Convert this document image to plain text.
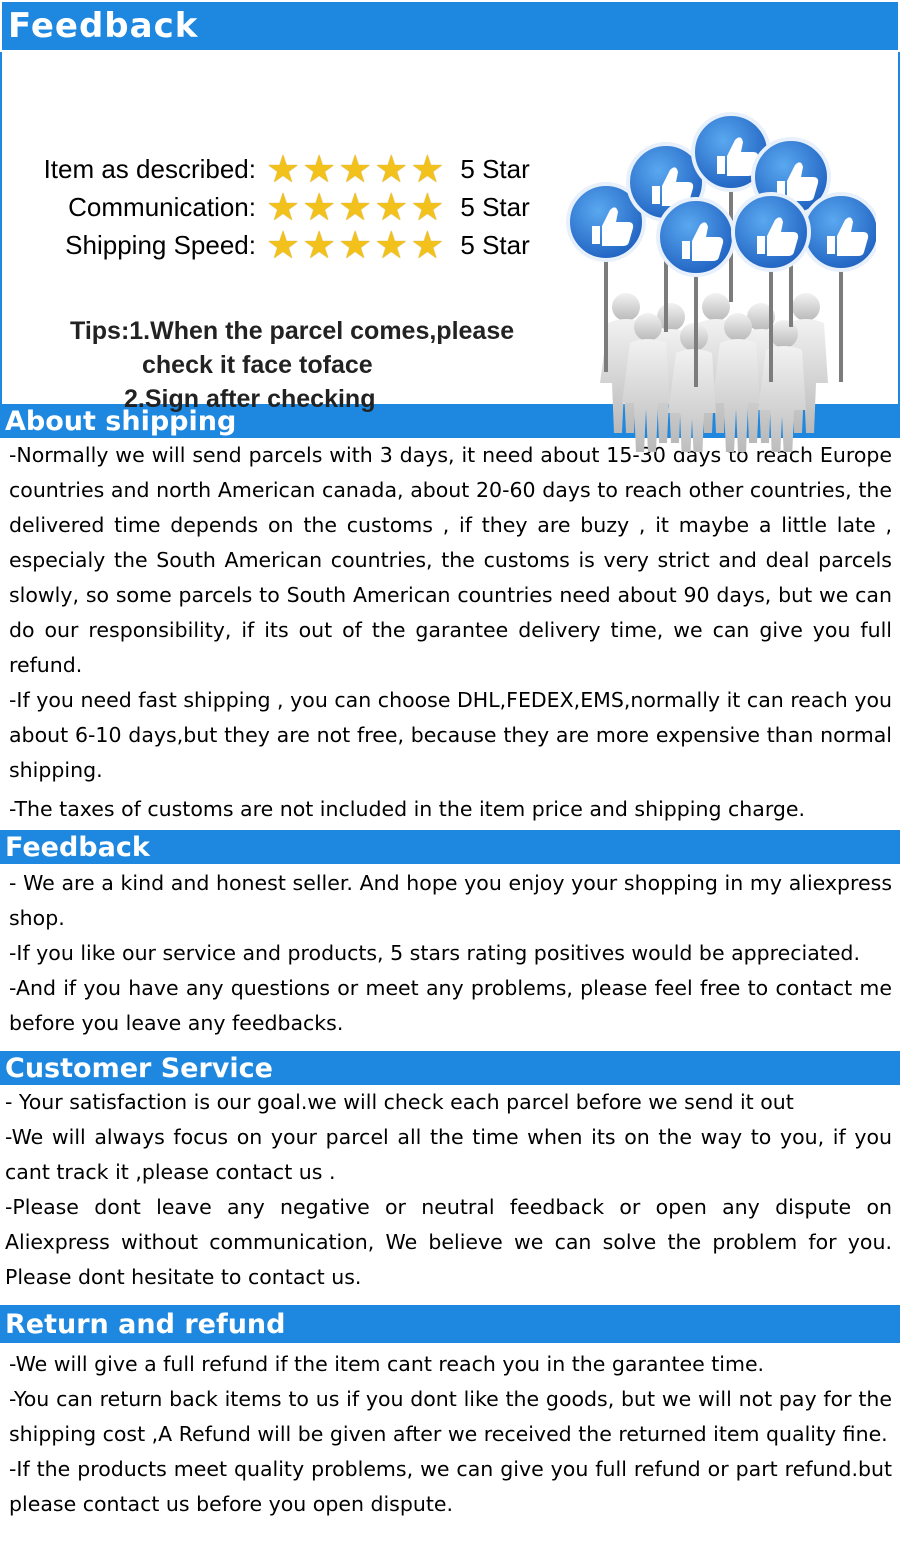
Feedback
Item as described: ★ ★ ★ ★ ★ 5 Star
Communication: ★ ★ ★ ★ ★ 5 Star
Shipping Speed: ★ ★ ★ ★ ★ 5 Star
Tips:1.When the parcel comes,please
check it face toface
2.Sign after checking
About shipping

-Normally we will send parcels with 3 days, it need about 15-30 days to reach Europe countries and north American canada, about 20-60 days to reach other countries, the delivered time depends on the customs , if they are buzy , it maybe a little late , especialy the South American countries, the customs is very strict and deal parcels slowly, so some parcels to South American countries need about 90 days, but we can do our responsibility, if its out of the garantee delivery time, we can give you full refund.

-If you need fast shipping , you can choose DHL,FEDEX,EMS,normally it can reach you about 6-10 days,but they are not free, because they are more expensive than normal shipping.

-The taxes of customs are not included in the item price and shipping charge.

Feedback

- We are a kind and honest seller. And hope you enjoy your shopping in my aliexpress shop.

-If you like our service and products, 5 stars rating positives would be appreciated.

-And if you have any questions or meet any problems, please feel free to contact me before you leave any feedbacks.

Customer Service

- Your satisfaction is our goal.we will check each parcel before we send it out

-We will always focus on your parcel all the time when its on the way to you, if you cant track it ,please contact us .

-Please dont leave any negative or neutral feedback or open any dispute on Aliexpress without communication, We believe we can solve the problem for you. Please dont hesitate to contact us.

Return and refund

-We will give a full refund if the item cant reach you in the garantee time.

-You can return back items to us if you dont like the goods, but we will not pay for the shipping cost ,A Refund will be given after we received the returned item quality fine.

-If the products meet quality problems, we can give you full refund or part refund.but please contact us before you open dispute.
